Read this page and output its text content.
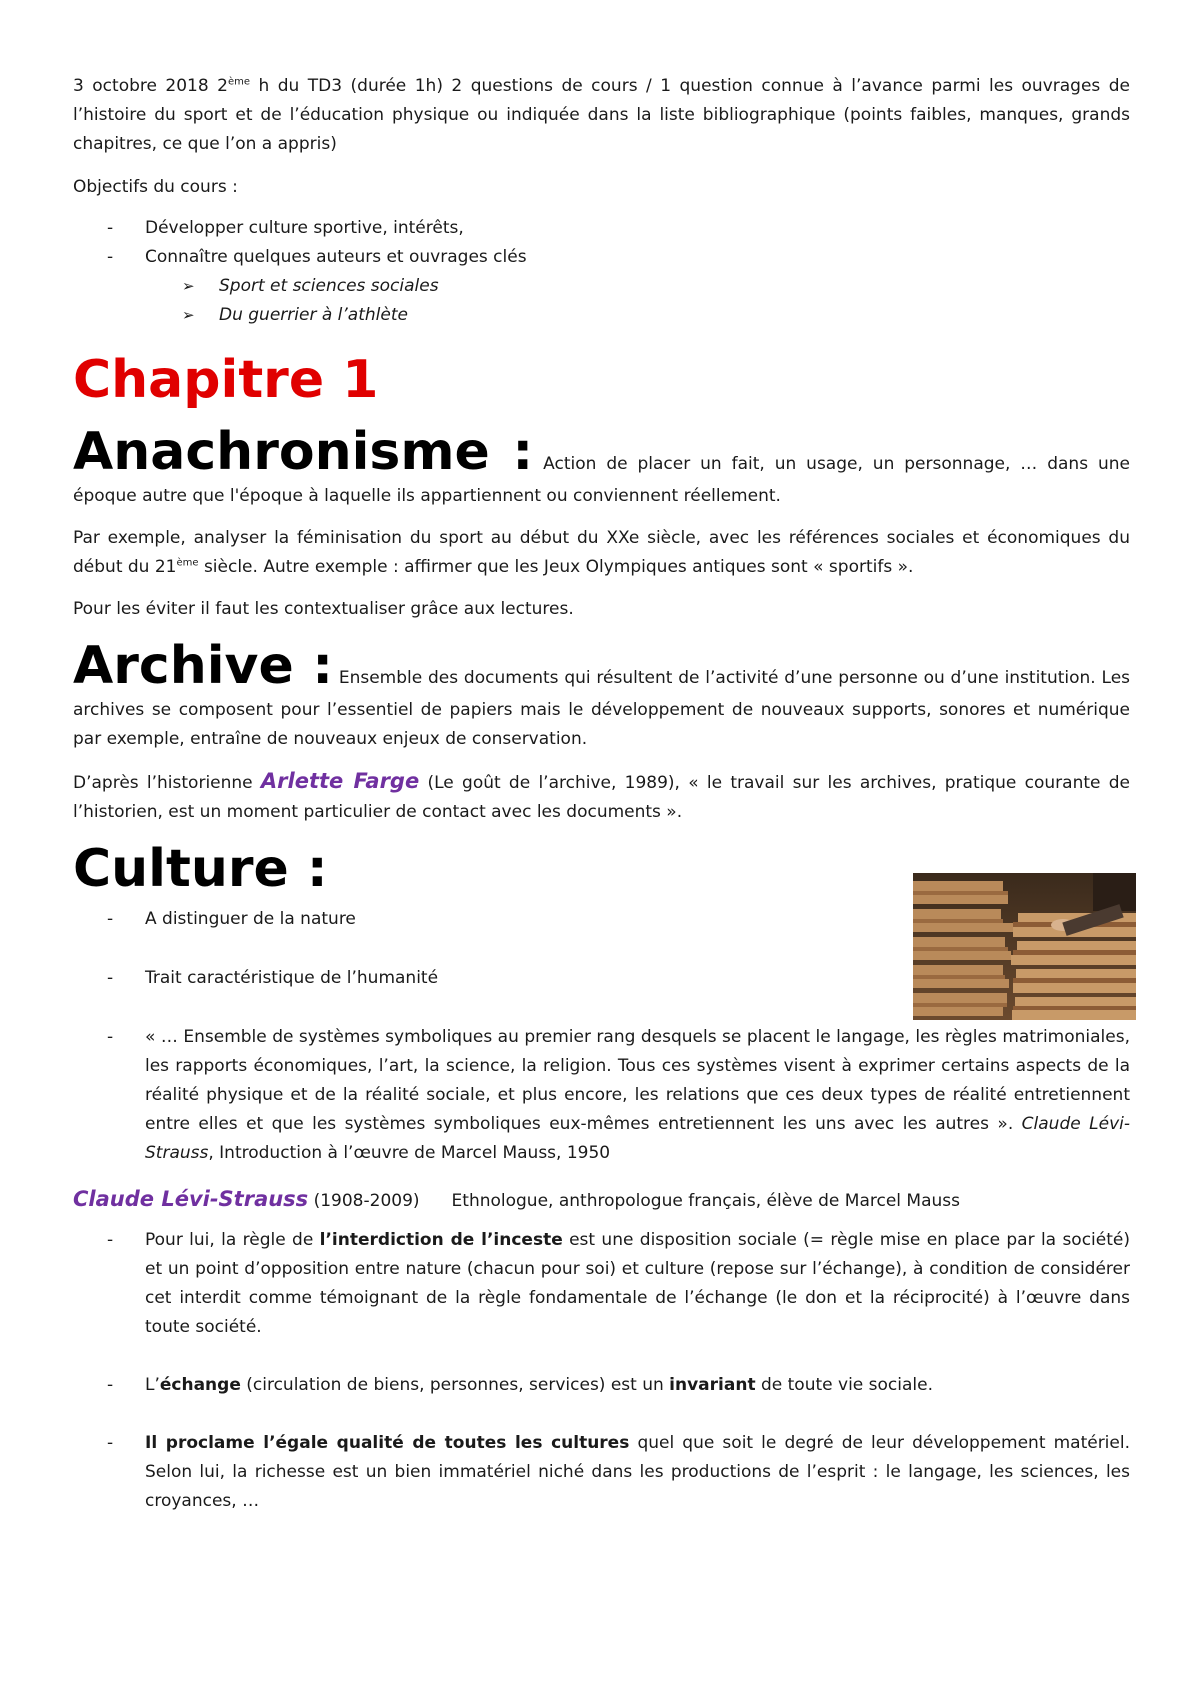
3 octobre 2018 2ème h du TD3 (durée 1h) 2 questions de cours / 1 question connue à l’avance parmi les ouvrages de l’histoire du sport et de l’éducation physique ou indiquée dans la liste bibliographique (points faibles, manques, grands chapitres, ce que l’on a appris)

Objectifs du cours :

- Développer culture sportive, intérêts,
- Connaître quelques auteurs et ouvrages clés
➢ Sport et sciences sociales
➢ Du guerrier à l’athlète
Chapitre 1

Anachronisme : Action de placer un fait, un usage, un personnage, … dans une époque autre que l'époque à laquelle ils appartiennent ou conviennent réellement.

Par exemple, analyser la féminisation du sport au début du XXe siècle, avec les références sociales et économiques du début du 21ème siècle. Autre exemple : affirmer que les Jeux Olympiques antiques sont « sportifs ».

Pour les éviter il faut les contextualiser grâce aux lectures.

Archive : Ensemble des documents qui résultent de l’activité d’une personne ou d’une institution. Les archives se composent pour l’essentiel de papiers mais le développement de nouveaux supports, sonores et numérique par exemple, entraîne de nouveaux enjeux de conservation.

D’après l’historienne Arlette Farge (Le goût de l’archive, 1989), « le travail sur les archives, pratique courante de l’historien, est un moment particulier de contact avec les documents ».

Culture :

- A distinguer de la nature
- Trait caractéristique de l’humanité
- « … Ensemble de systèmes symboliques au premier rang desquels se placent le langage, les règles matrimoniales, les rapports économiques, l’art, la science, la religion. Tous ces systèmes visent à exprimer certains aspects de la réalité physique et de la réalité sociale, et plus encore, les relations que ces deux types de réalité entretiennent entre elles et que les systèmes symboliques eux-mêmes entretiennent les uns avec les autres ». Claude Lévi-Strauss, Introduction à l’œuvre de Marcel Mauss, 1950

Claude Lévi-Strauss (1908-2009) Ethnologue, anthropologue français, élève de Marcel Mauss

- Pour lui, la règle de l’interdiction de l’inceste est une disposition sociale (= règle mise en place par la société) et un point d’opposition entre nature (chacun pour soi) et culture (repose sur l’échange), à condition de considérer cet interdit comme témoignant de la règle fondamentale de l’échange (le don et la réciprocité) à l’œuvre dans toute société.
- L’échange (circulation de biens, personnes, services) est un invariant de toute vie sociale.
- Il proclame l’égale qualité de toutes les cultures quel que soit le degré de leur développement matériel. Selon lui, la richesse est un bien immatériel niché dans les productions de l’esprit : le langage, les sciences, les croyances, …
